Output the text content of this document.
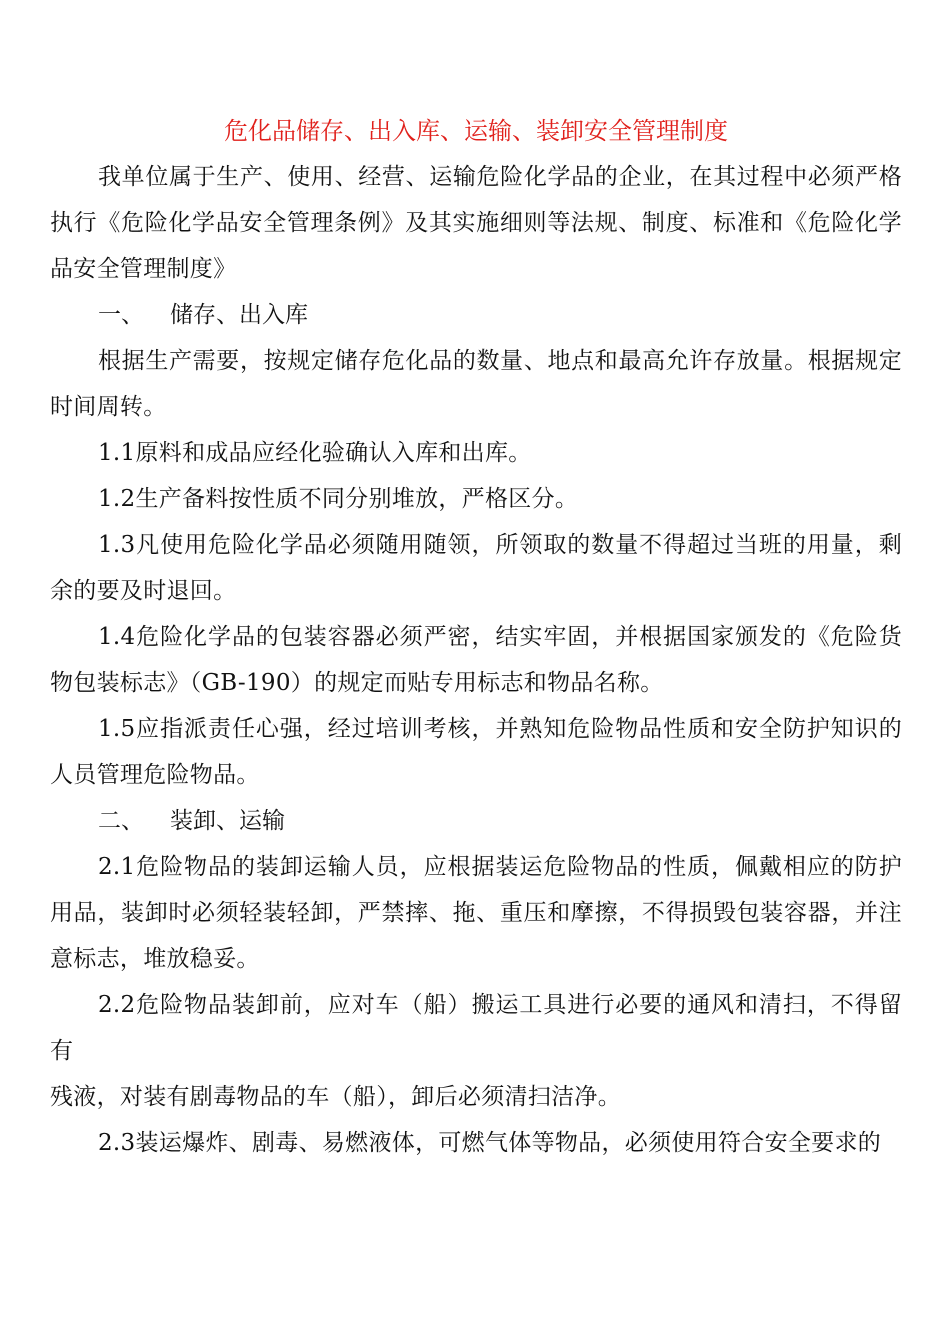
危化品储存、出入库、运输、装卸安全管理制度

我单位属于生产、使用、经营、运输危险化学品的企业，在其过程中必须严格执行《危险化学品安全管理条例》及其实施细则等法规、制度、标准和《危险化学品安全管理制度》

一、 储存、出入库

根据生产需要，按规定储存危化品的数量、地点和最高允许存放量。根据规定时间周转。

1.1原料和成品应经化验确认入库和出库。

1.2生产备料按性质不同分别堆放，严格区分。

1.3凡使用危险化学品必须随用随领，所领取的数量不得超过当班的用量，剩余的要及时退回。

1.4危险化学品的包装容器必须严密，结实牢固，并根据国家颁发的《危险货物包装标志》（GB-190）的规定而贴专用标志和物品名称。

1.5应指派责任心强，经过培训考核，并熟知危险物品性质和安全防护知识的人员管理危险物品。

二、 装卸、运输

2.1危险物品的装卸运输人员，应根据装运危险物品的性质，佩戴相应的防护用品，装卸时必须轻装轻卸，严禁摔、拖、重压和摩擦，不得损毁包装容器，并注意标志，堆放稳妥。

2.2危险物品装卸前，应对车（船）搬运工具进行必要的通风和清扫，不得留有

残液，对装有剧毒物品的车（船），卸后必须清扫洁净。

2.3装运爆炸、剧毒、易燃液体，可燃气体等物品，必须使用符合安全要求的
